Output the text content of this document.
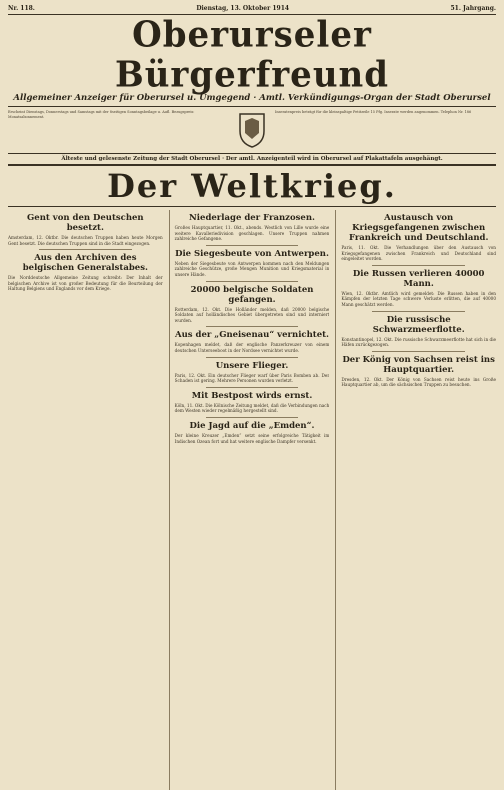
Nr. 118.	Dienstag, 13. Oktober 1914	51. Jahrgang.
Oberurseler Bürgerfreund
Allgemeiner Anzeiger für Oberursel u. Umgegend · Amtl. Verkündigungs-Organ der Stadt Oberursel
Erscheint Dienstags, Donnerstags und Samstags mit der 8seitigen Sonntagsbeilage u. Aufl. Bezugspreis: Monatsabonnement.
Inseratenpreis beträgt für die kleinspaltige Petitzeile 15 Pfg. Inserate werden angenommen. Telephon Nr. 186
Älteste und gelesenste Zeitung der Stadt Oberursel · Der amtl. Anzeigenteil wird in Oberursel auf Plakattafeln ausgehängt.
Der Weltkrieg.
Gent von den Deutschen besetzt.
Amsterdam, 12. Oktbr. Die deutschen Truppen haben heute Morgen Gent besetzt. Die deutschen Truppen sind in die Stadt eingezogen.
Aus den Archiven des belgischen Generalstabes.
Die Norddeutsche Allgemeine Zeitung schreibt: Der Inhalt der belgischen Archive ist von großer Bedeutung für die Beurteilung der Haltung Belgiens und Englands vor dem Kriege.
Niederlage der Franzosen.
Großes Hauptquartier, 11. Okt., abends. Westlich von Lille wurde eine weitere Kavalleriedivision geschlagen. Unsere Truppen nahmen zahlreiche Gefangene.
Die Siegesbeute von Antwerpen.
Neben der Siegesbeute von Antwerpen kommen nach den Meldungen zahlreiche Geschütze, große Mengen Munition und Kriegsmaterial in unsere Hände.
20000 belgische Soldaten gefangen.
Rotterdam, 12. Okt. Die Holländer melden, daß 20000 belgische Soldaten auf holländisches Gebiet übergetreten sind und interniert wurden.
Aus der „Gneisenau“ vernichtet.
Kopenhagen meldet, daß der englische Panzerkreuzer von einem deutschen Unterseeboot in der Nordsee vernichtet wurde.
Unsere Flieger.
Paris, 12. Okt. Ein deutscher Flieger warf über Paris Bomben ab. Der Schaden ist gering. Mehrere Personen wurden verletzt.
Mit Bestpost wirds ernst.
Köln, 11. Okt. Die Kölnische Zeitung meldet, daß die Verbindungen nach dem Westen wieder regelmäßig hergestellt sind.
Die Jagd auf die „Emden“.
Der kleine Kreuzer „Emden“ setzt seine erfolgreiche Tätigkeit im Indischen Ozean fort und hat weitere englische Dampfer versenkt.
Austausch von Kriegsgefangenen zwischen Frankreich und Deutschland.
Paris, 11. Okt. Die Verhandlungen über den Austausch von Kriegsgefangenen zwischen Frankreich und Deutschland sind eingeleitet worden.
Die Russen verlieren 40000 Mann.
Wien, 12. Oktbr. Amtlich wird gemeldet: Die Russen haben in den Kämpfen der letzten Tage schwere Verluste erlitten, die auf 40000 Mann geschätzt werden.
Die russische Schwarzmeerflotte.
Konstantinopel, 12. Okt. Die russische Schwarzmeerflotte hat sich in die Häfen zurückgezogen.
Der König von Sachsen reist ins Hauptquartier.
Dresden, 12. Okt. Der König von Sachsen reist heute ins Große Hauptquartier ab, um die sächsischen Truppen zu besuchen.
